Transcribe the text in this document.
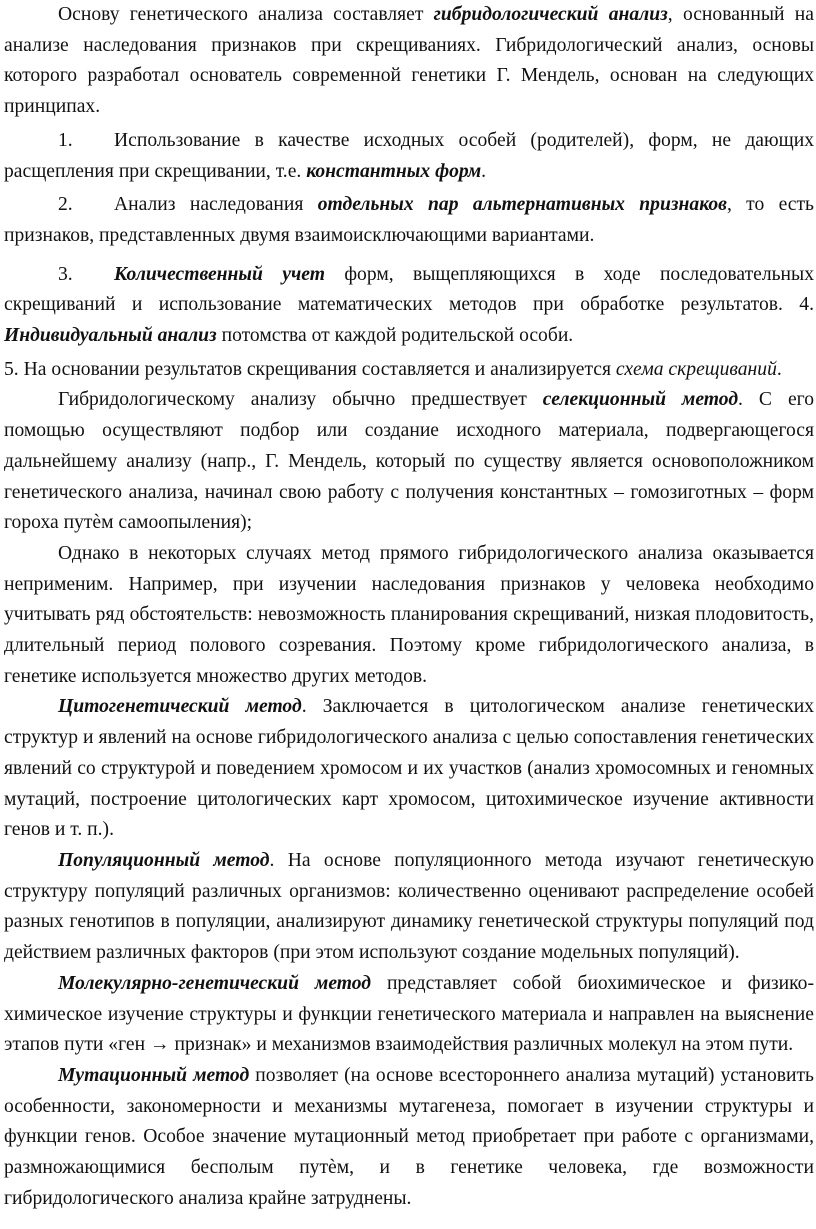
Основу генетического анализа составляет гибридологический анализ, основанный на анализе наследования признаков при скрещиваниях. Гибридологический анализ, основы которого разработал основатель современной генетики Г. Мендель, основан на следующих принципах.

1. Использование в качестве исходных особей (родителей), форм, не дающих расщепления при скрещивании, т.е. константных форм.

2. Анализ наследования отдельных пар альтернативных признаков, то есть признаков, представленных двумя взаимоисключающими вариантами.

3. Количественный учет форм, выщепляющихся в ходе последовательных скрещиваний и использование математических методов при обработке результатов. 4. Индивидуальный анализ потомства от каждой родительской особи.

5. На основании результатов скрещивания составляется и анализируется схема скрещиваний.

Гибридологическому анализу обычно предшествует селекционный метод. С его помощью осуществляют подбор или создание исходного материала, подвергающегося дальнейшему анализу (напр., Г. Мендель, который по существу является основоположником генетического анализа, начинал свою работу с получения константных – гомозиготных – форм гороха путѐм самоопыления);

Однако в некоторых случаях метод прямого гибридологического анализа оказывается неприменим. Например, при изучении наследования признаков у человека необходимо учитывать ряд обстоятельств: невозможность планирования скрещиваний, низкая плодовитость, длительный период полового созревания. Поэтому кроме гибридологического анализа, в генетике используется множество других методов.

Цитогенетический метод. Заключается в цитологическом анализе генетических структур и явлений на основе гибридологического анализа с целью сопоставления генетических явлений со структурой и поведением хромосом и их участков (анализ хромосомных и геномных мутаций, построение цитологических карт хромосом, цитохимическое изучение активности генов и т. п.).

Популяционный метод. На основе популяционного метода изучают генетическую структуру популяций различных организмов: количественно оценивают распределение особей разных генотипов в популяции, анализируют динамику генетической структуры популяций под действием различных факторов (при этом используют создание модельных популяций).

Молекулярно-генетический метод представляет собой биохимическое и физико-химическое изучение структуры и функции генетического материала и направлен на выяснение этапов пути «ген → признак» и механизмов взаимодействия различных молекул на этом пути.

Мутационный метод позволяет (на основе всестороннего анализа мутаций) установить особенности, закономерности и механизмы мутагенеза, помогает в изучении структуры и функции генов. Особое значение мутационный метод приобретает при работе с организмами, размножающимися бесполым путѐм, и в генетике человека, где возможности гибридологического анализа крайне затруднены.
